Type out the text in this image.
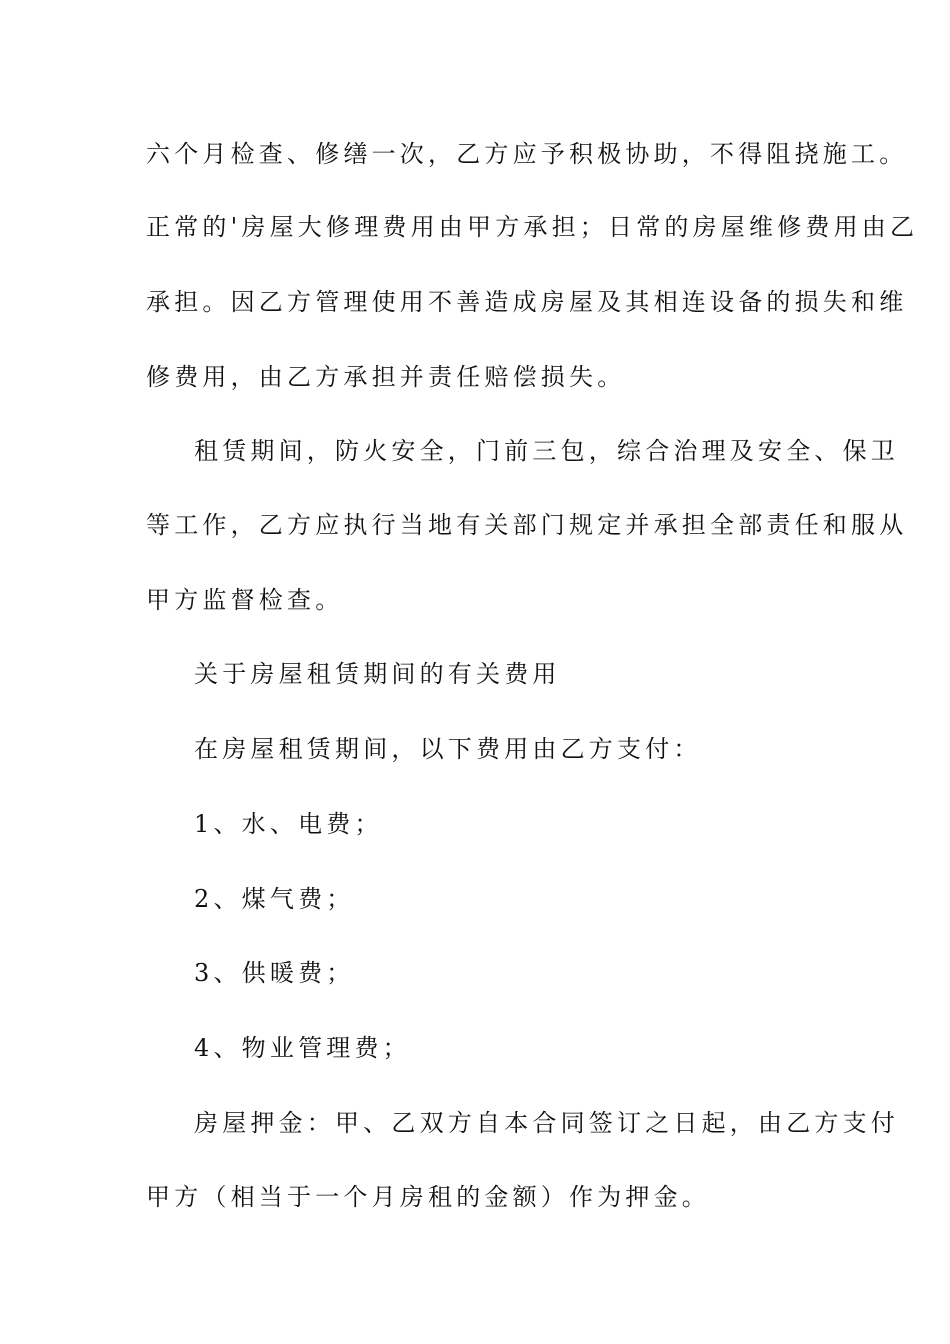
六个月检查、修缮一次，乙方应予积极协助，不得阻挠施工。
正常的'房屋大修理费用由甲方承担；日常的房屋维修费用由乙
承担。因乙方管理使用不善造成房屋及其相连设备的损失和维
修费用，由乙方承担并责任赔偿损失。
租赁期间，防火安全，门前三包，综合治理及安全、保卫
等工作，乙方应执行当地有关部门规定并承担全部责任和服从
甲方监督检查。
关于房屋租赁期间的有关费用
在房屋租赁期间，以下费用由乙方支付：
1、水、电费；
2、煤气费；
3、供暖费；
4、物业管理费；
房屋押金：甲、乙双方自本合同签订之日起，由乙方支付
甲方（相当于一个月房租的金额）作为押金。
